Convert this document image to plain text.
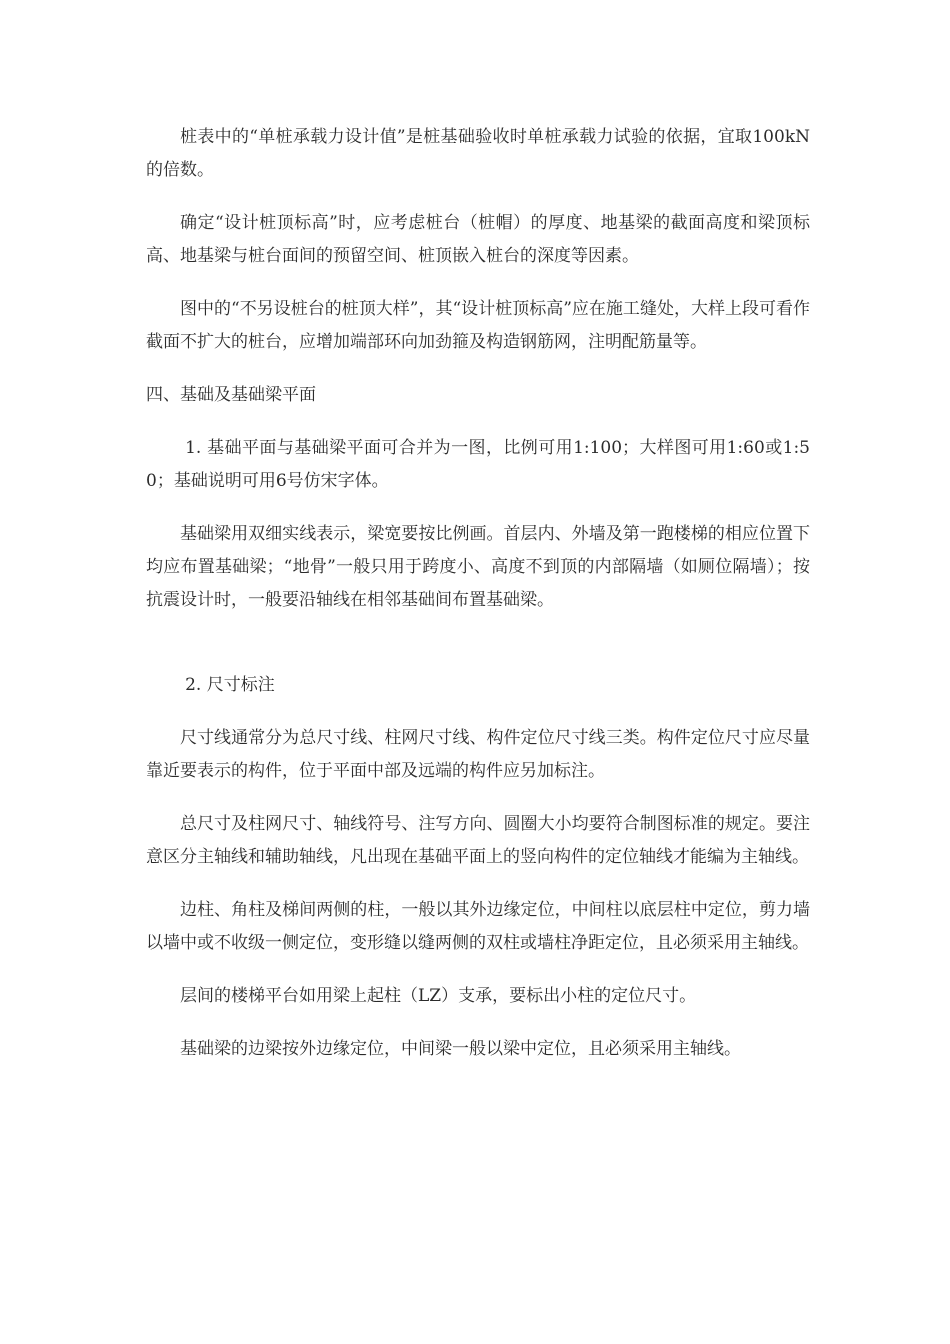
桩表中的“单桩承载力设计值”是桩基础验收时单桩承载力试验的依据，宜取100kN的倍数。

确定“设计桩顶标高”时，应考虑桩台（桩帽）的厚度、地基梁的截面高度和梁顶标高、地基梁与桩台面间的预留空间、桩顶嵌入桩台的深度等因素。

图中的“不另设桩台的桩顶大样”，其“设计桩顶标高”应在施工缝处，大样上段可看作截面不扩大的桩台，应增加端部环向加劲箍及构造钢筋网，注明配筋量等。

四、基础及基础梁平面

1. 基础平面与基础梁平面可合并为一图，比例可用1:100；大样图可用1:60或1:50；基础说明可用6号仿宋字体。

基础梁用双细实线表示，梁宽要按比例画。首层内、外墙及第一跑楼梯的相应位置下均应布置基础梁；“地骨”一般只用于跨度小、高度不到顶的内部隔墙（如厕位隔墙）；按抗震设计时，一般要沿轴线在相邻基础间布置基础梁。

2. 尺寸标注

尺寸线通常分为总尺寸线、柱网尺寸线、构件定位尺寸线三类。构件定位尺寸应尽量靠近要表示的构件，位于平面中部及远端的构件应另加标注。

总尺寸及柱网尺寸、轴线符号、注写方向、圆圈大小均要符合制图标准的规定。要注意区分主轴线和辅助轴线，凡出现在基础平面上的竖向构件的定位轴线才能编为主轴线。

边柱、角柱及梯间两侧的柱，一般以其外边缘定位，中间柱以底层柱中定位，剪力墙以墙中或不收级一侧定位，变形缝以缝两侧的双柱或墙柱净距定位，且必须采用主轴线。

层间的楼梯平台如用梁上起柱（LZ）支承，要标出小柱的定位尺寸。

基础梁的边梁按外边缘定位，中间梁一般以梁中定位，且必须采用主轴线。
